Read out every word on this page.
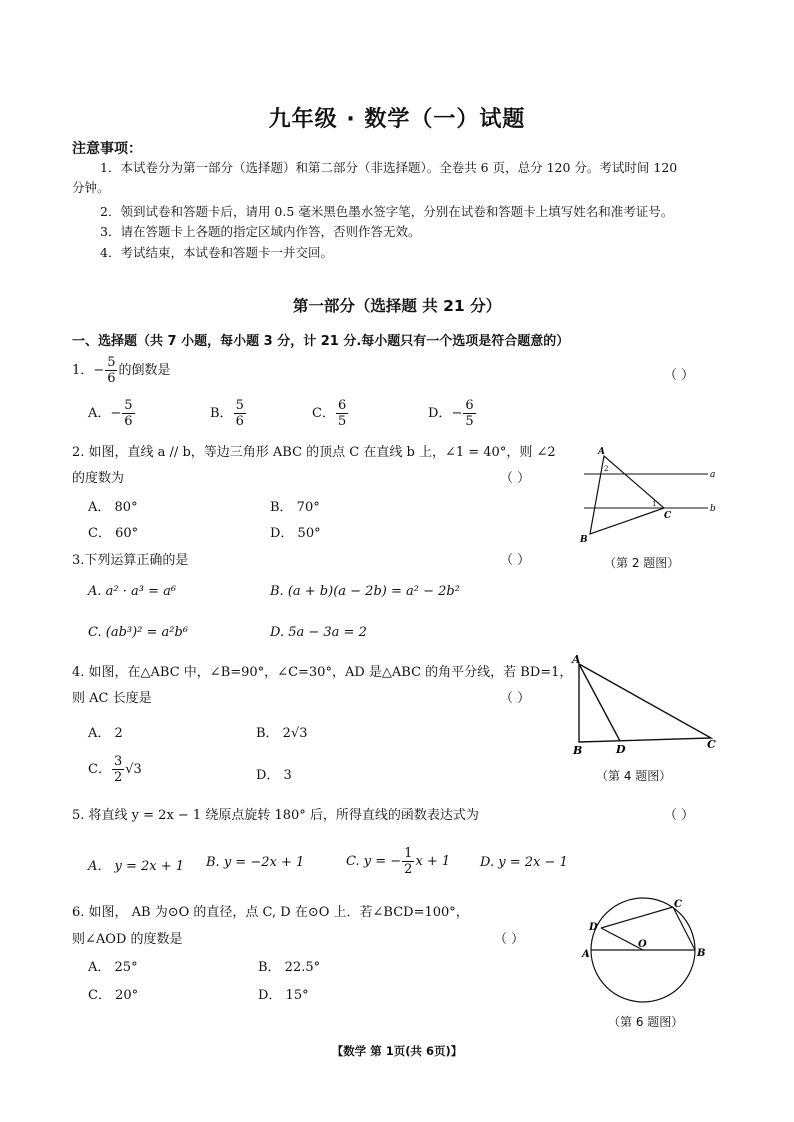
九年级 · 数学（一）试题
注意事项：
1．本试卷分为第一部分（选择题）和第二部分（非选择题）。全卷共 6 页，总分 120 分。考试时间 120
分钟。
2．领到试卷和答题卡后，请用 0.5 毫米黑色墨水签字笔，分别在试卷和答题卡上填写姓名和准考证号。
3．请在答题卡上各题的指定区域内作答，否则作答无效。
4．考试结束，本试卷和答题卡一并交回。
第一部分（选择题 共 21 分）
一、选择题（共 7 小题，每小题 3 分，计 21 分.每小题只有一个选项是符合题意的）
1．− $\frac{5}{6}$ 的倒数是	（ ）
A．− $\frac{5}{6}$	B． $\frac{5}{6}$	C． $\frac{6}{5}$	D．− $\frac{6}{5}$
2. 如图，直线 a // b，等边三角形 ABC 的顶点 C 在直线 b 上，∠1 = 40°，则 ∠2
的度数为	（ ）
A． 80°	B． 70°
C． 60°	D． 50°
A
B
C
a
b
1
2
（第 2 题图）
3.下列运算正确的是	（ ）
A. a² · a³ = a⁶	B. (a + b)(a − 2b) = a² − 2b²
C. (ab³)² = a²b⁶	D. 5a − 3a = 2
4. 如图，在△ABC 中，∠B=90°，∠C=30°，AD 是△ABC 的角平分线，若 BD=1，
则 AC 长度是	（ ）
A． 2	B． 2√3
C． $\frac{3}{2} √3$	D． 3
A
B	D	C
（第 4 题图）
5. 将直线 y = 2x − 1 绕原点旋转 180° 后，所得直线的函数表达式为	（ ）
A． y = 2x + 1 B. y = −2x + 1	C. y = − $\frac{1}{2}$ x + 1 D. y = 2x − 1
6. 如图， AB 为⊙O 的直径，点 C, D 在⊙O 上．若∠BCD=100°，
则∠AOD 的度数是	（ ）
A． 25°	B． 22.5°
C． 20°	D． 15°
A	B
C
D
O
（第 6 题图）
【数学 第 1页(共 6页)】
